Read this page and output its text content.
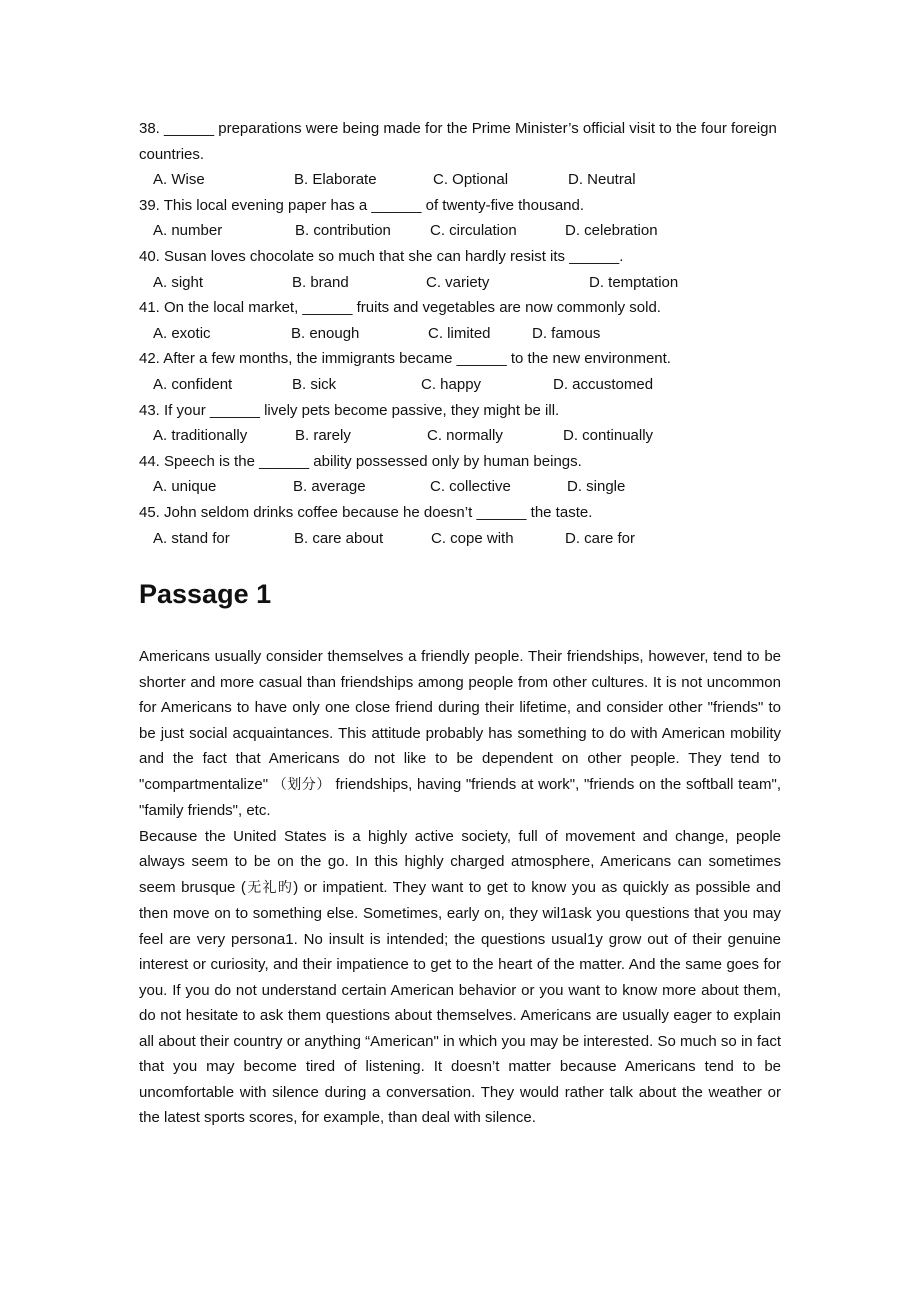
38. ______ preparations were being made for the Prime Minister’s official visit to the four foreign countries.
A. Wise	B. Elaborate	C. Optional	D. Neutral
39. This local evening paper has a ______ of twenty-five thousand.
A. number	B. contribution	C. circulation	D. celebration
40. Susan loves chocolate so much that she can hardly resist its ______.
A. sight	B. brand	C. variety	D. temptation
41. On the local market, ______ fruits and vegetables are now commonly sold.
A. exotic	B. enough	C. limited	D. famous
42. After a few months, the immigrants became ______ to the new environment.
A. confident	B. sick	C. happy	D. accustomed
43. If your ______ lively pets become passive, they might be ill.
A. traditionally	B. rarely	C. normally	D. continually
44. Speech is the ______ ability possessed only by human beings.
A. unique	B. average	C. collective	D. single
45. John seldom drinks coffee because he doesn’t ______ the taste.
A. stand for	B. care about	C. cope with	D. care for
Passage 1

Americans usually consider themselves a friendly people. Their friendships, however, tend to be shorter and more casual than friendships among people from other cultures. It is not uncommon for Americans to have only one close friend during their lifetime, and consider other "friends" to be just social acquaintances. This attitude probably has something to do with American mobility and the fact that Americans do not like to be dependent on other people. They tend to "compartmentalize" （划分） friendships, having "friends at work", "friends on the softball team", "family friends", etc.

Because the United States is a highly active society, full of movement and change, people always seem to be on the go. In this highly charged atmosphere, Americans can sometimes seem brusque (无礼旳) or impatient. They want to get to know you as quickly as possible and then move on to something else. Sometimes, early on, they wil1ask you questions that you may feel are very persona1. No insult is intended; the questions usual1y grow out of their genuine interest or curiosity, and their impatience to get to the heart of the matter. And the same goes for you. If you do not understand certain American behavior or you want to know more about them, do not hesitate to ask them questions about themselves. Americans are usually eager to explain all about their country or anything “American" in which you may be interested. So much so in fact that you may become tired of listening. It doesn’t matter because Americans tend to be uncomfortable with silence during a conversation. They would rather talk about the weather or the latest sports scores, for example, than deal with silence.
